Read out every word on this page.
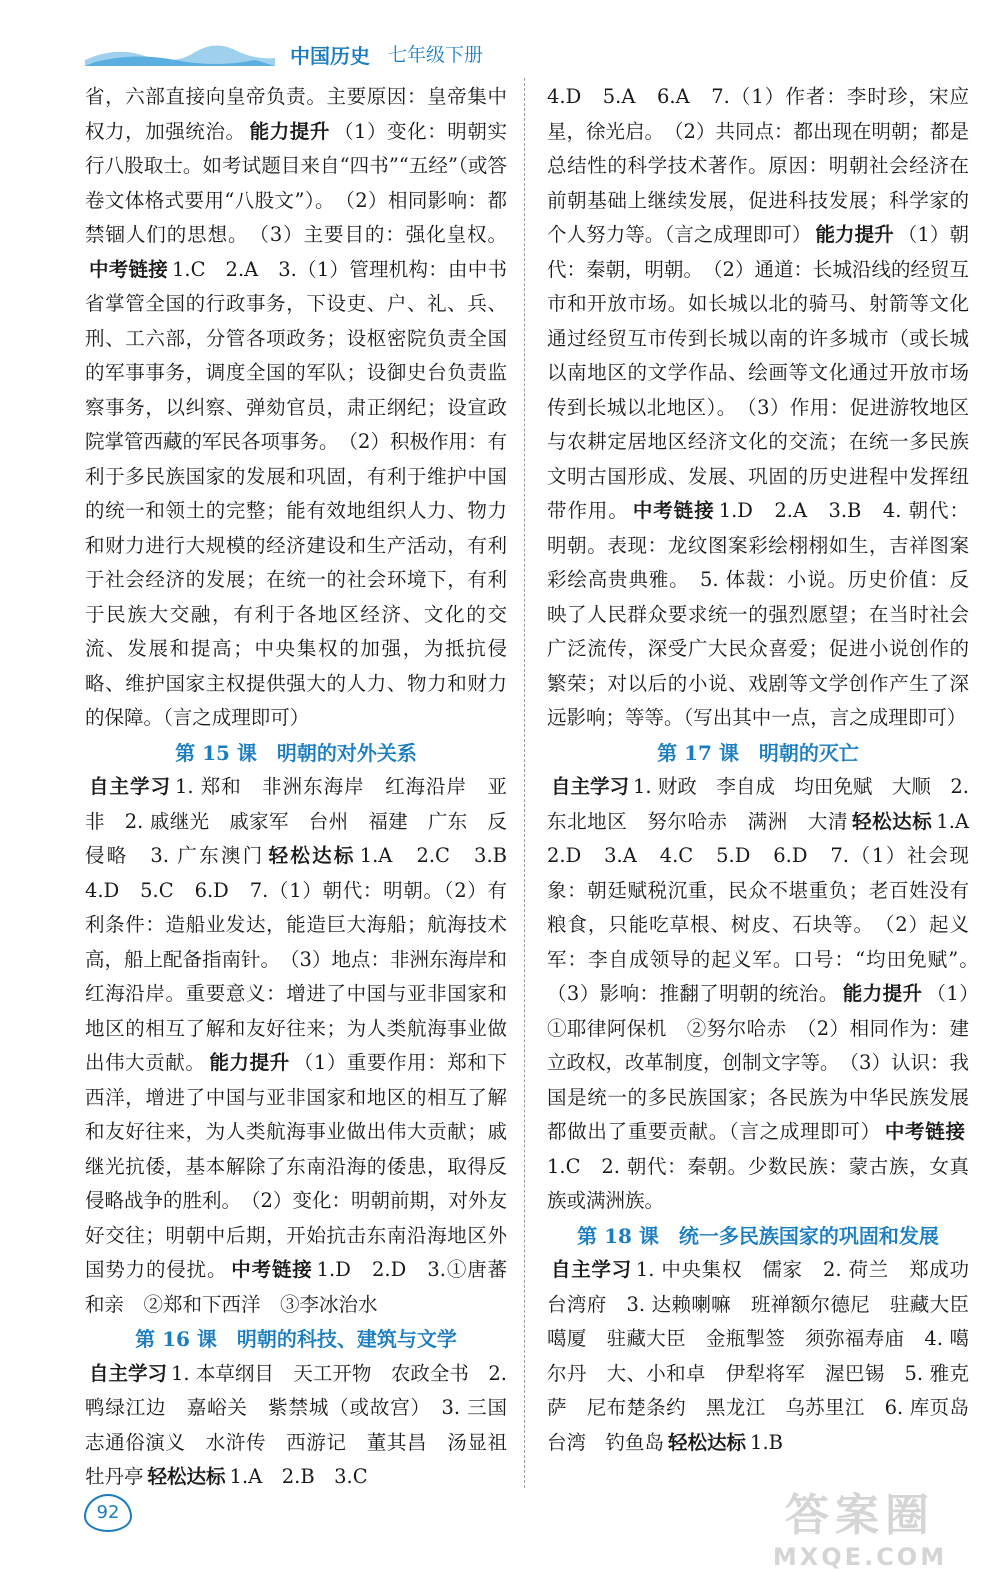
中国历史 七年级下册

省，六部直接向皇帝负责。主要原因：皇帝集中权力，加强统治。 能力提升 （1）变化：明朝实行八股取士。如考试题目来自“四书”“五经”（或答卷文体格式要用“八股文”）。　（2）相同影响：都禁锢人们的思想。　（3）主要目的：强化皇权。中考链接 1.C　2.A　3.（1）管理机构：由中书省掌管全国的行政事务，下设吏、户、礼、兵、刑、工六部，分管各项政务；设枢密院负责全国的军事事务，调度全国的军队；设御史台负责监察事务，以纠察、弹劾官员，肃正纲纪；设宣政院掌管西藏的军民各项事务。　（2）积极作用：有利于多民族国家的发展和巩固，有利于维护中国的统一和领土的完整；能有效地组织人力、物力和财力进行大规模的经济建设和生产活动，有利于社会经济的发展；在统一的社会环境下，有利于民族大交融，有利于各地区经济、文化的交流、发展和提高；中央集权的加强，为抵抗侵略、维护国家主权提供强大的人力、物力和财力的保障。（言之成理即可）

第 15 课　明朝的对外关系

自主学习 1. 郑和　非洲东海岸　红海沿岸　亚非　2. 戚继光　戚家军　台州　福建　广东　反侵略　3. 广东澳门 轻松达标 1.A　2.C　3.B　4.D　5.C　6.D　7.（1）朝代：明朝。（2）有利条件：造船业发达，能造巨大海船；航海技术高，船上配备指南针。　（3）地点：非洲东海岸和红海沿岸。重要意义：增进了中国与亚非国家和地区的相互了解和友好往来；为人类航海事业做出伟大贡献。 能力提升 （1）重要作用：郑和下西洋，增进了中国与亚非国家和地区的相互了解和友好往来，为人类航海事业做出伟大贡献；戚继光抗倭，基本解除了东南沿海的倭患，取得反侵略战争的胜利。　（2）变化：明朝前期，对外友好交往；明朝中后期，开始抗击东南沿海地区外国势力的侵扰。 中考链接 1.D　2.D　3.①唐蕃和亲　②郑和下西洋　③李冰治水

第 16 课　明朝的科技、建筑与文学

自主学习 1. 本草纲目　天工开物　农政全书　2. 鸭绿江边　嘉峪关　紫禁城（或故宫）　3. 三国志通俗演义　水浒传　西游记　董其昌　汤显祖　牡丹亭 轻松达标 1.A　2.B　3.C

4.D　5.A　6.A　7.（1）作者：李时珍，宋应星，徐光启。　（2）共同点：都出现在明朝；都是总结性的科学技术著作。原因：明朝社会经济在前朝基础上继续发展，促进科技发展；科学家的个人努力等。（言之成理即可） 能力提升 （1）朝代：秦朝，明朝。　（2）通道：长城沿线的经贸互市和开放市场。如长城以北的骑马、射箭等文化通过经贸互市传到长城以南的许多城市（或长城以南地区的文学作品、绘画等文化通过开放市场传到长城以北地区）。　（3）作用：促进游牧地区与农耕定居地区经济文化的交流；在统一多民族文明古国形成、发展、巩固的历史进程中发挥纽带作用。 中考链接 1.D　2.A　3.B　4. 朝代：明朝。表现：龙纹图案彩绘栩栩如生，吉祥图案彩绘高贵典雅。　5. 体裁：小说。历史价值：反映了人民群众要求统一的强烈愿望；在当时社会广泛流传，深受广大民众喜爱；促进小说创作的繁荣；对以后的小说、戏剧等文学创作产生了深远影响；等等。（写出其中一点，言之成理即可）

第 17 课　明朝的灭亡

自主学习 1. 财政　李自成　均田免赋　大顺　2. 东北地区　努尔哈赤　满洲　大清 轻松达标 1.A　2.D　3.A　4.C　5.D　6.D　7.（1）社会现象：朝廷赋税沉重，民众不堪重负；老百姓没有粮食，只能吃草根、树皮、石块等。　（2）起义军：李自成领导的起义军。口号：“均田免赋”。　（3）影响：推翻了明朝的统治。 能力提升 （1）①耶律阿保机　②努尔哈赤　（2）相同作为：建立政权，改革制度，创制文字等。　（3）认识：我国是统一的多民族国家；各民族为中华民族发展都做出了重要贡献。（言之成理即可） 中考链接1.C　2. 朝代：秦朝。少数民族：蒙古族，女真族或满洲族。

第 18 课　统一多民族国家的巩固和发展

自主学习 1. 中央集权　儒家　2. 荷兰　郑成功　台湾府　3. 达赖喇嘛　班禅额尔德尼　驻藏大臣　噶厦　驻藏大臣　金瓶掣签　须弥福寿庙　4. 噶尔丹　大、小和卓　伊犁将军　渥巴锡　5. 雅克萨　尼布楚条约　黑龙江　乌苏里江　6. 库页岛　台湾　钓鱼岛 轻松达标 1.B

92	答案圈
MXQE.COM
